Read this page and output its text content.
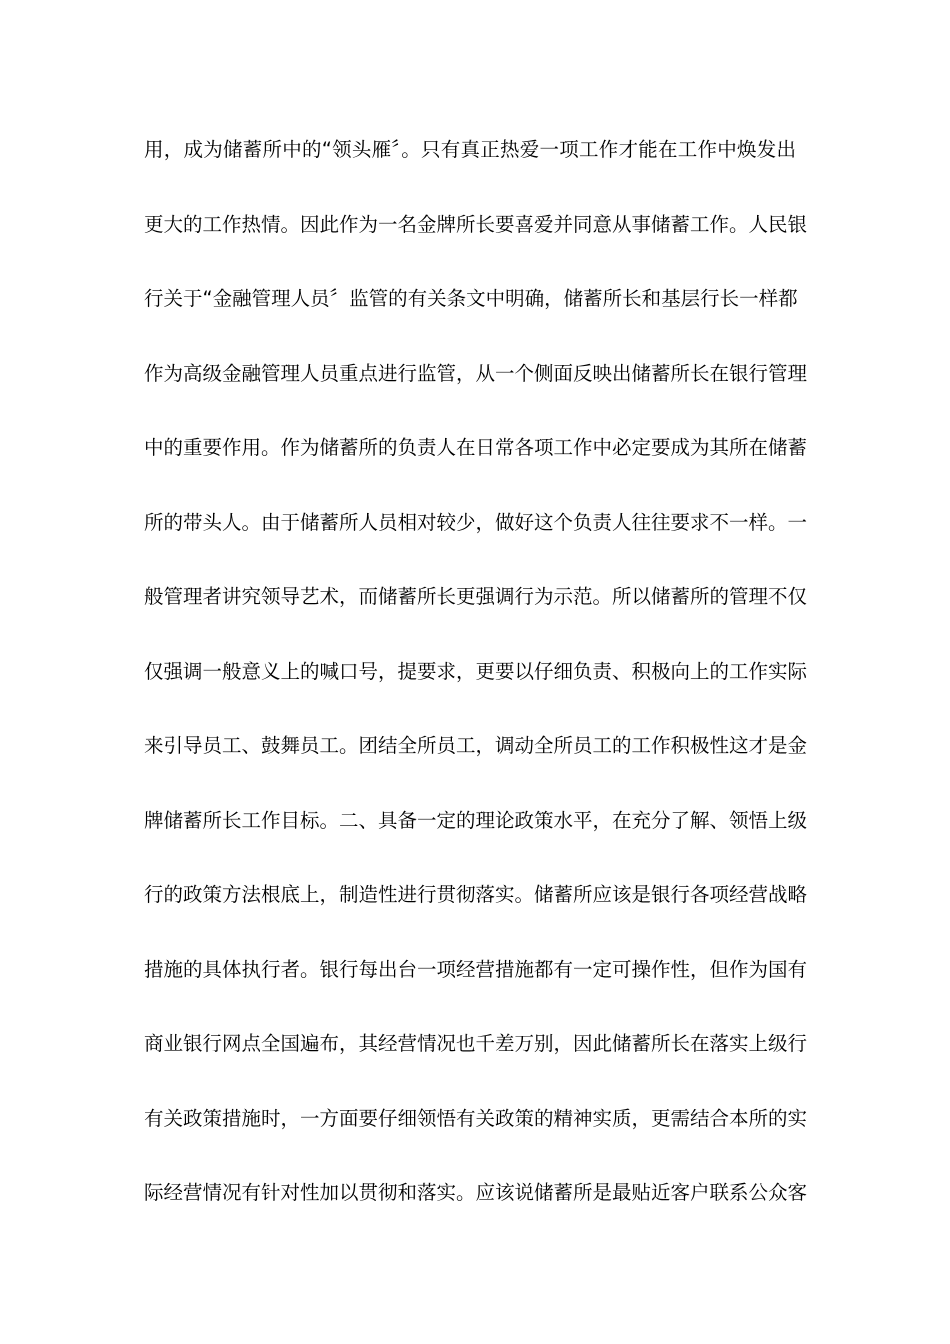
用，成为储蓄所中的“领头雁〞。只有真正热爱一项工作才能在工作中焕发出
更大的工作热情。因此作为一名金牌所长要喜爱并同意从事储蓄工作。人民银
行关于“金融管理人员〞监管的有关条文中明确，储蓄所长和基层行长一样都
作为高级金融管理人员重点进行监管，从一个侧面反映出储蓄所长在银行管理
中的重要作用。作为储蓄所的负责人在日常各项工作中必定要成为其所在储蓄
所的带头人。由于储蓄所人员相对较少，做好这个负责人往往要求不一样。一
般管理者讲究领导艺术，而储蓄所长更强调行为示范。所以储蓄所的管理不仅
仅强调一般意义上的喊口号，提要求，更要以仔细负责、积极向上的工作实际
来引导员工、鼓舞员工。团结全所员工，调动全所员工的工作积极性这才是金
牌储蓄所长工作目标。二、具备一定的理论政策水平，在充分了解、领悟上级
行的政策方法根底上，制造性进行贯彻落实。储蓄所应该是银行各项经营战略
措施的具体执行者。银行每出台一项经营措施都有一定可操作性，但作为国有
商业银行网点全国遍布，其经营情况也千差万别，因此储蓄所长在落实上级行
有关政策措施时，一方面要仔细领悟有关政策的精神实质，更需结合本所的实
际经营情况有针对性加以贯彻和落实。应该说储蓄所是最贴近客户联系公众客
